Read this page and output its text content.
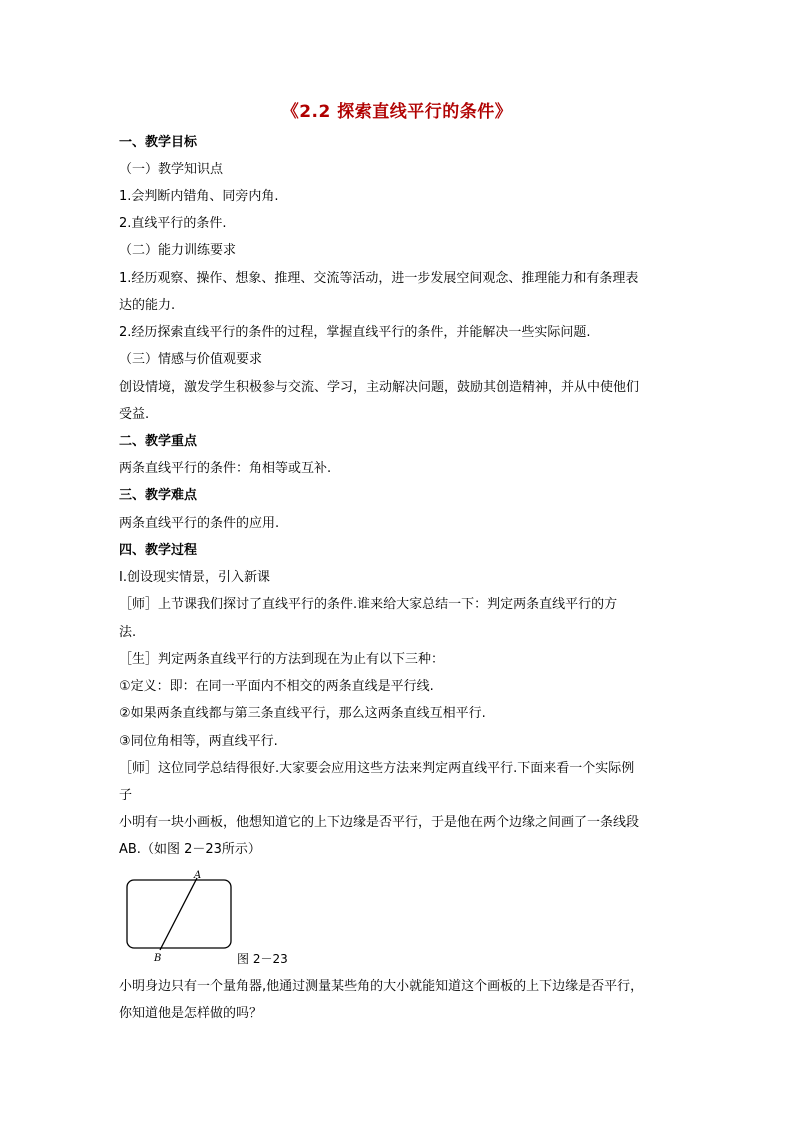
《2.2 探索直线平行的条件》
一、教学目标
（一）教学知识点
1.会判断内错角、同旁内角.
2.直线平行的条件.
（二）能力训练要求
1.经历观察、操作、想象、推理、交流等活动，进一步发展空间观念、推理能力和有条理表
达的能力.
2.经历探索直线平行的条件的过程，掌握直线平行的条件，并能解决一些实际问题.
（三）情感与价值观要求
创设情境，激发学生积极参与交流、学习，主动解决问题，鼓励其创造精神，并从中使他们
受益.
二、教学重点
两条直线平行的条件：角相等或互补.
三、教学难点
两条直线平行的条件的应用.
四、教学过程
Ⅰ.创设现实情景，引入新课
［师］上节课我们探讨了直线平行的条件.谁来给大家总结一下：判定两条直线平行的方
法.
［生］判定两条直线平行的方法到现在为止有以下三种：
①定义：即：在同一平面内不相交的两条直线是平行线.
②如果两条直线都与第三条直线平行，那么这两条直线互相平行.
③同位角相等，两直线平行.
［师］这位同学总结得很好.大家要会应用这些方法来判定两直线平行.下面来看一个实际例
子
小明有一块小画板，他想知道它的上下边缘是否平行，于是他在两个边缘之间画了一条线段
AB.（如图 2－23所示）
A
B	图 2－23
小明身边只有一个量角器,他通过测量某些角的大小就能知道这个画板的上下边缘是否平行，
你知道他是怎样做的吗？
